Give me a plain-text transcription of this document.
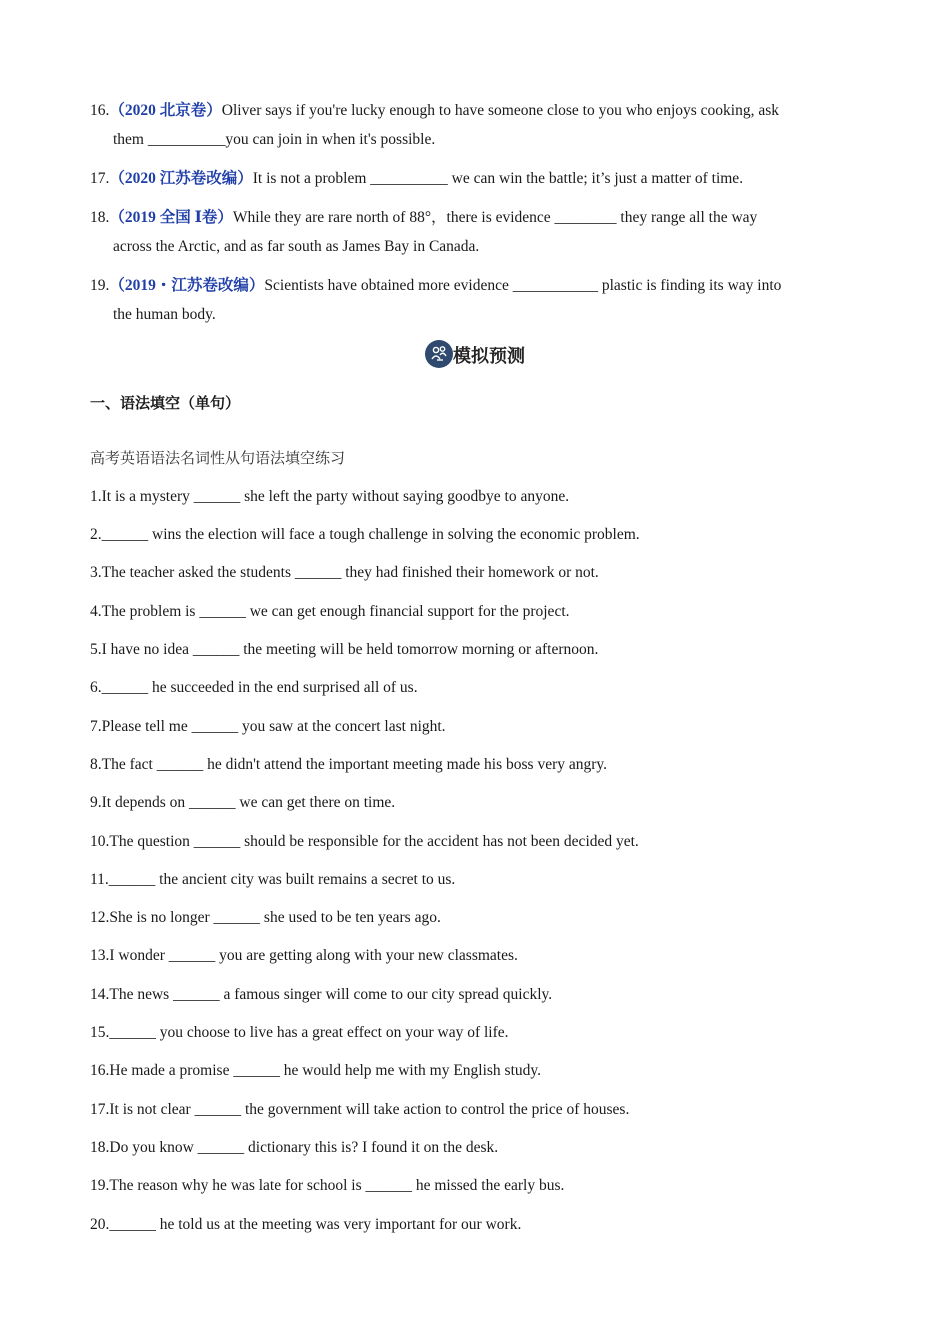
16.（2020 北京卷）Oliver says if you're lucky enough to have someone close to you who enjoys cooking, ask
them __________you can join in when it's possible.
17.（2020 江苏卷改编）It is not a problem __________ we can win the battle; it’s just a matter of time.
18.（2019 全国 Ⅰ卷）While they are rare north of 88°，there is evidence ________ they range all the way
across the Arctic, and as far south as James Bay in Canada.
19.（2019・江苏卷改编）Scientists have obtained more evidence ___________ plastic is finding its way into
the human body.
模拟预测
一、语法填空（单句）
高考英语语法名词性从句语法填空练习
1.It is a mystery ______ she left the party without saying goodbye to anyone.
2.______ wins the election will face a tough challenge in solving the economic problem.
3.The teacher asked the students ______ they had finished their homework or not.
4.The problem is ______ we can get enough financial support for the project.
5.I have no idea ______ the meeting will be held tomorrow morning or afternoon.
6.______ he succeeded in the end surprised all of us.
7.Please tell me ______ you saw at the concert last night.
8.The fact ______ he didn't attend the important meeting made his boss very angry.
9.It depends on ______ we can get there on time.
10.The question ______ should be responsible for the accident has not been decided yet.
11.______ the ancient city was built remains a secret to us.
12.She is no longer ______ she used to be ten years ago.
13.I wonder ______ you are getting along with your new classmates.
14.The news ______ a famous singer will come to our city spread quickly.
15.______ you choose to live has a great effect on your way of life.
16.He made a promise ______ he would help me with my English study.
17.It is not clear ______ the government will take action to control the price of houses.
18.Do you know ______ dictionary this is? I found it on the desk.
19.The reason why he was late for school is ______ he missed the early bus.
20.______ he told us at the meeting was very important for our work.
